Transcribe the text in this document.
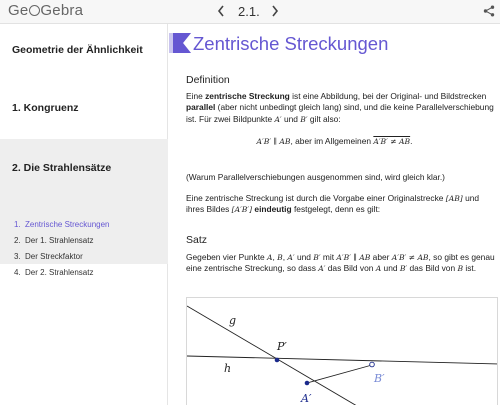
Ge Gebra	2.1.
Geometrie der Ähnlichkeit
1. Kongruenz
2. Die Strahlensätze
1. Zentrische Streckungen
2. Der 1. Strahlensatz
3. Der Streckfaktor
4. Der 2. Strahlensatz
Zentrische Streckungen
Definition
Eine zentrische Streckung ist eine Abbildung, bei der Original- und Bildstrecken parallel (aber nicht unbedingt gleich lang) sind, und die keine Parallelverschiebung ist. Für zwei Bildpunkte A′ und B′ gilt also:
A′B′ ∥ AB, aber im Allgemeinen A′B′ ≠ AB.
(Warum Parallelverschiebungen ausgenommen sind, wird gleich klar.)
Eine zentrische Streckung ist durch die Vorgabe einer Originalstrecke [AB] und ihres Bildes [A′B′] eindeutig festgelegt, denn es gilt:
Satz
Gegeben vier Punkte A, B, A′ und B′ mit A′B′ ∥ AB aber A′B′ ≠ AB, so gibt es genau eine zentrische Streckung, so dass A′ das Bild von A und B′ das Bild von B ist.
g
h
P′
A′
B′
